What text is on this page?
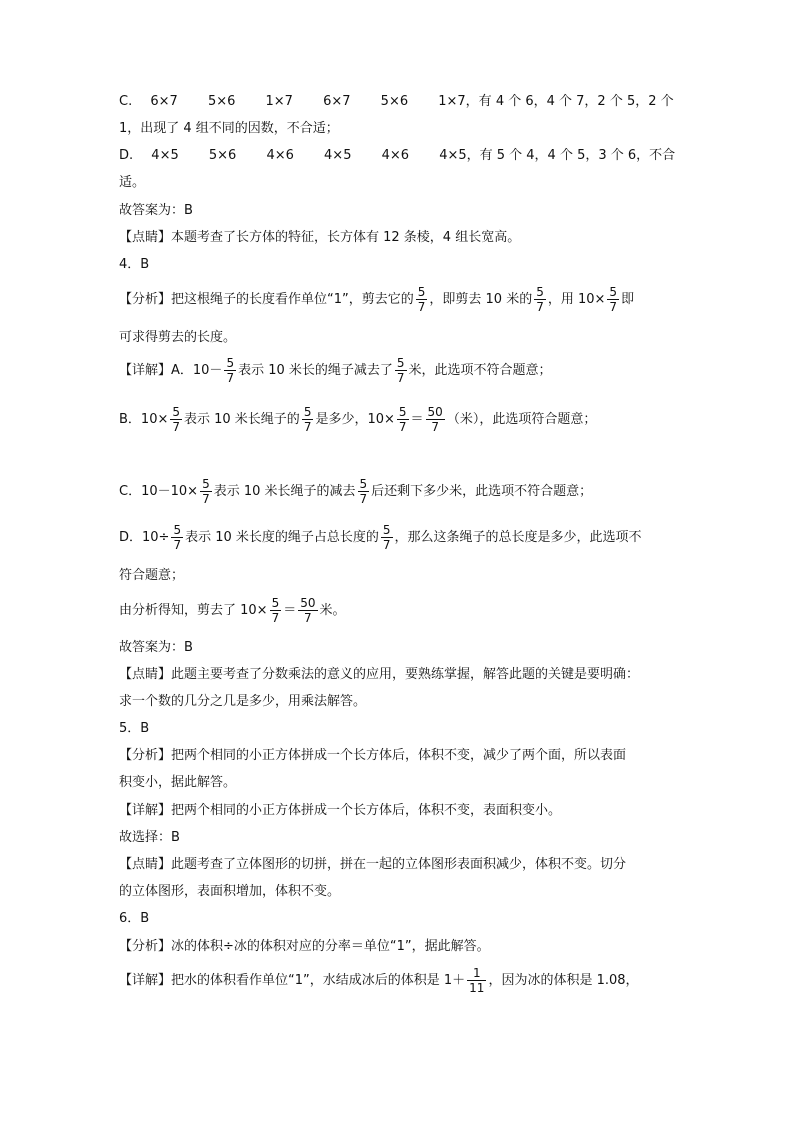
C. 6×7 5×6 1×7 6×7 5×6 1×7，有 4 个 6，4 个 7，2 个 5，2 个
1，出现了 4 组不同的因数，不合适；
D. 4×5 5×6 4×6 4×5 4×6 4×5，有 5 个 4，4 个 5，3 个 6，不合
适。
故答案为：B
【点睛】本题考查了长方体的特征，长方体有 12 条棱，4 组长宽高。
4．B
【分析】把这根绳子的长度看作单位“1”，剪去它的 $\frac{5}{7}$ ，即剪去 10 米的 $\frac{5}{7}$ ，用 $10\times \frac{5}{7}$ 即
可求得剪去的长度。
【详解】A．$10- \frac{5}{7}$ 表示 10 米长的绳子减去了 $\frac{5}{7}$ 米，此选项不符合题意；
B．$10\times \frac{5}{7}$ 表示 10 米长绳子的 $\frac{5}{7}$ 是多少，$10\times \frac{5}{7} = \frac{50}{7}$ （米），此选项符合题意；
C．$10-10\times \frac{5}{7}$ 表示 10 米长绳子的减去 $\frac{5}{7}$ 后还剩下多少米，此选项不符合题意；
D．$10\div \frac{5}{7}$ 表示 10 米长度的绳子占总长度的 $\frac{5}{7}$ ，那么这条绳子的总长度是多少，此选项不
符合题意；
由分析得知，剪去了 $10\times \frac{5}{7} = \frac{50}{7}$ 米。
故答案为：B
【点睛】此题主要考查了分数乘法的意义的应用，要熟练掌握，解答此题的关键是要明确：
求一个数的几分之几是多少，用乘法解答。
5．B
【分析】把两个相同的小正方体拼成一个长方体后，体积不变，减少了两个面，所以表面
积变小，据此解答。
【详解】把两个相同的小正方体拼成一个长方体后，体积不变，表面积变小。
故选择：B
【点睛】此题考查了立体图形的切拼，拼在一起的立体图形表面积减少，体积不变。切分
的立体图形，表面积增加，体积不变。
6．B
【分析】冰的体积÷冰的体积对应的分率＝单位“1”，据此解答。
【详解】把水的体积看作单位“1”，水结成冰后的体积是 $1+ \frac{1}{11}$ ，因为冰的体积是 1.08，
